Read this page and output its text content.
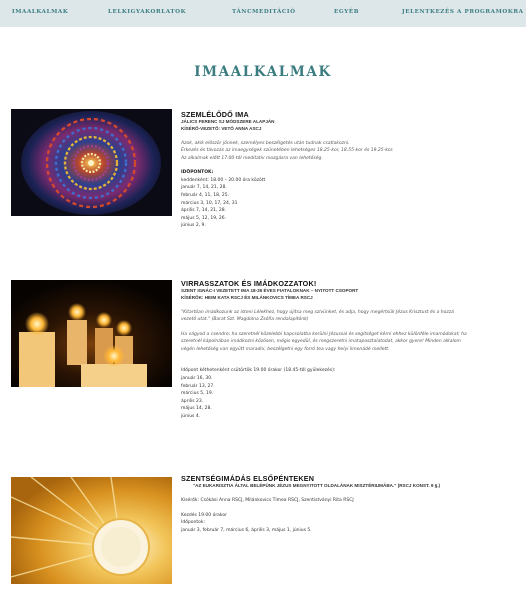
IMAALKALMAK	LELKIGYAKORLATOK	TÁNCMEDITÁCIÓ	EGYÉB	JELENTKEZÉS A PROGRAMOKRA
IMAALKALMAK
SZEMLÉLŐDŐ IMA
JÁLICS FERENC SJ MÓDSZERE ALAPJÁN
KÍSÉRŐ-VEZETŐ: VETŐ ANNA ASCJ

Azok, akik először jönnek, személyes beszélgetés után tudnak csatlakozni.

Érkezés és távozás az imaegységek szünetében lehetséges 18.25-kor, 18.55-kor és 19.25-kor.

Az alkalmak előtt 17.00-től meditatív mozgásra van lehetőség.

IDŐPONTOK:

keddenként: 18.00 – 20.00 óra között

január 7, 14, 21, 28.

február 4, 11, 18, 25.

március 3, 10, 17, 24, 31

április 7, 14, 21, 28.

május 5, 12, 19, 26.

június 2, 9.

VIRRASSZATOK ÉS IMÁDKOZZATOK!
SZENT IGNÁC-I VEZETETT IMA 18-35 ÉVES FIATALOKNAK – NYITOTT CSOPORT
KÍSÉRŐK: HEIM KATA RSCJ ÉS MILÁNKOVICS TÍMEA RSCJ

"Kitartóan imádkozunk az isteni Lélekhez, hogy újítsa meg szívünket, és adja, hogy megértsük Jézus Krisztust és a hozzá

vezető utat." (Barat Szt. Magdolna Zsófia rendalapítónk)

Ha vágyod a csendre; ha szeretnél közelebbi kapcsolatba kerülni Jézussal és segítséget kérni ehhez különféle imamódokat; ha

szeretnél kápolnában imádkozni közösen, mégis egyedül, és megszeretni imatapasztalatodat, akkor gyere! Minden alkalom

végén lehetőség van együtt maradni, beszélgetni egy forró tea vagy helyi limonádé mellett.

Időpont kéthetenként csütörtök 19.00 órakor (18.45-től gyülekezés):

január 16, 30.

február 13, 27.

március 5, 19.

április 23.

május 14, 28.

június 4.

SZENTSÉGIMÁDÁS ELSŐPÉNTEKEN
"AZ EUKARISZTIA ÁLTAL BELÉPÜNK JÉZUS MEGNYITOTT OLDALÁNAK MISZTÉRIUMÁBA." (RSCJ KONST. 9 §.)

Kísérők: Csókási Anna RSCJ, Milánkovics Tímea RSCJ, Szentistványi Rita RSCJ

Kezdés 19.00 órakor

Időpontok:

január 3, február 7, március 6, április 3, május 1, június 5.
